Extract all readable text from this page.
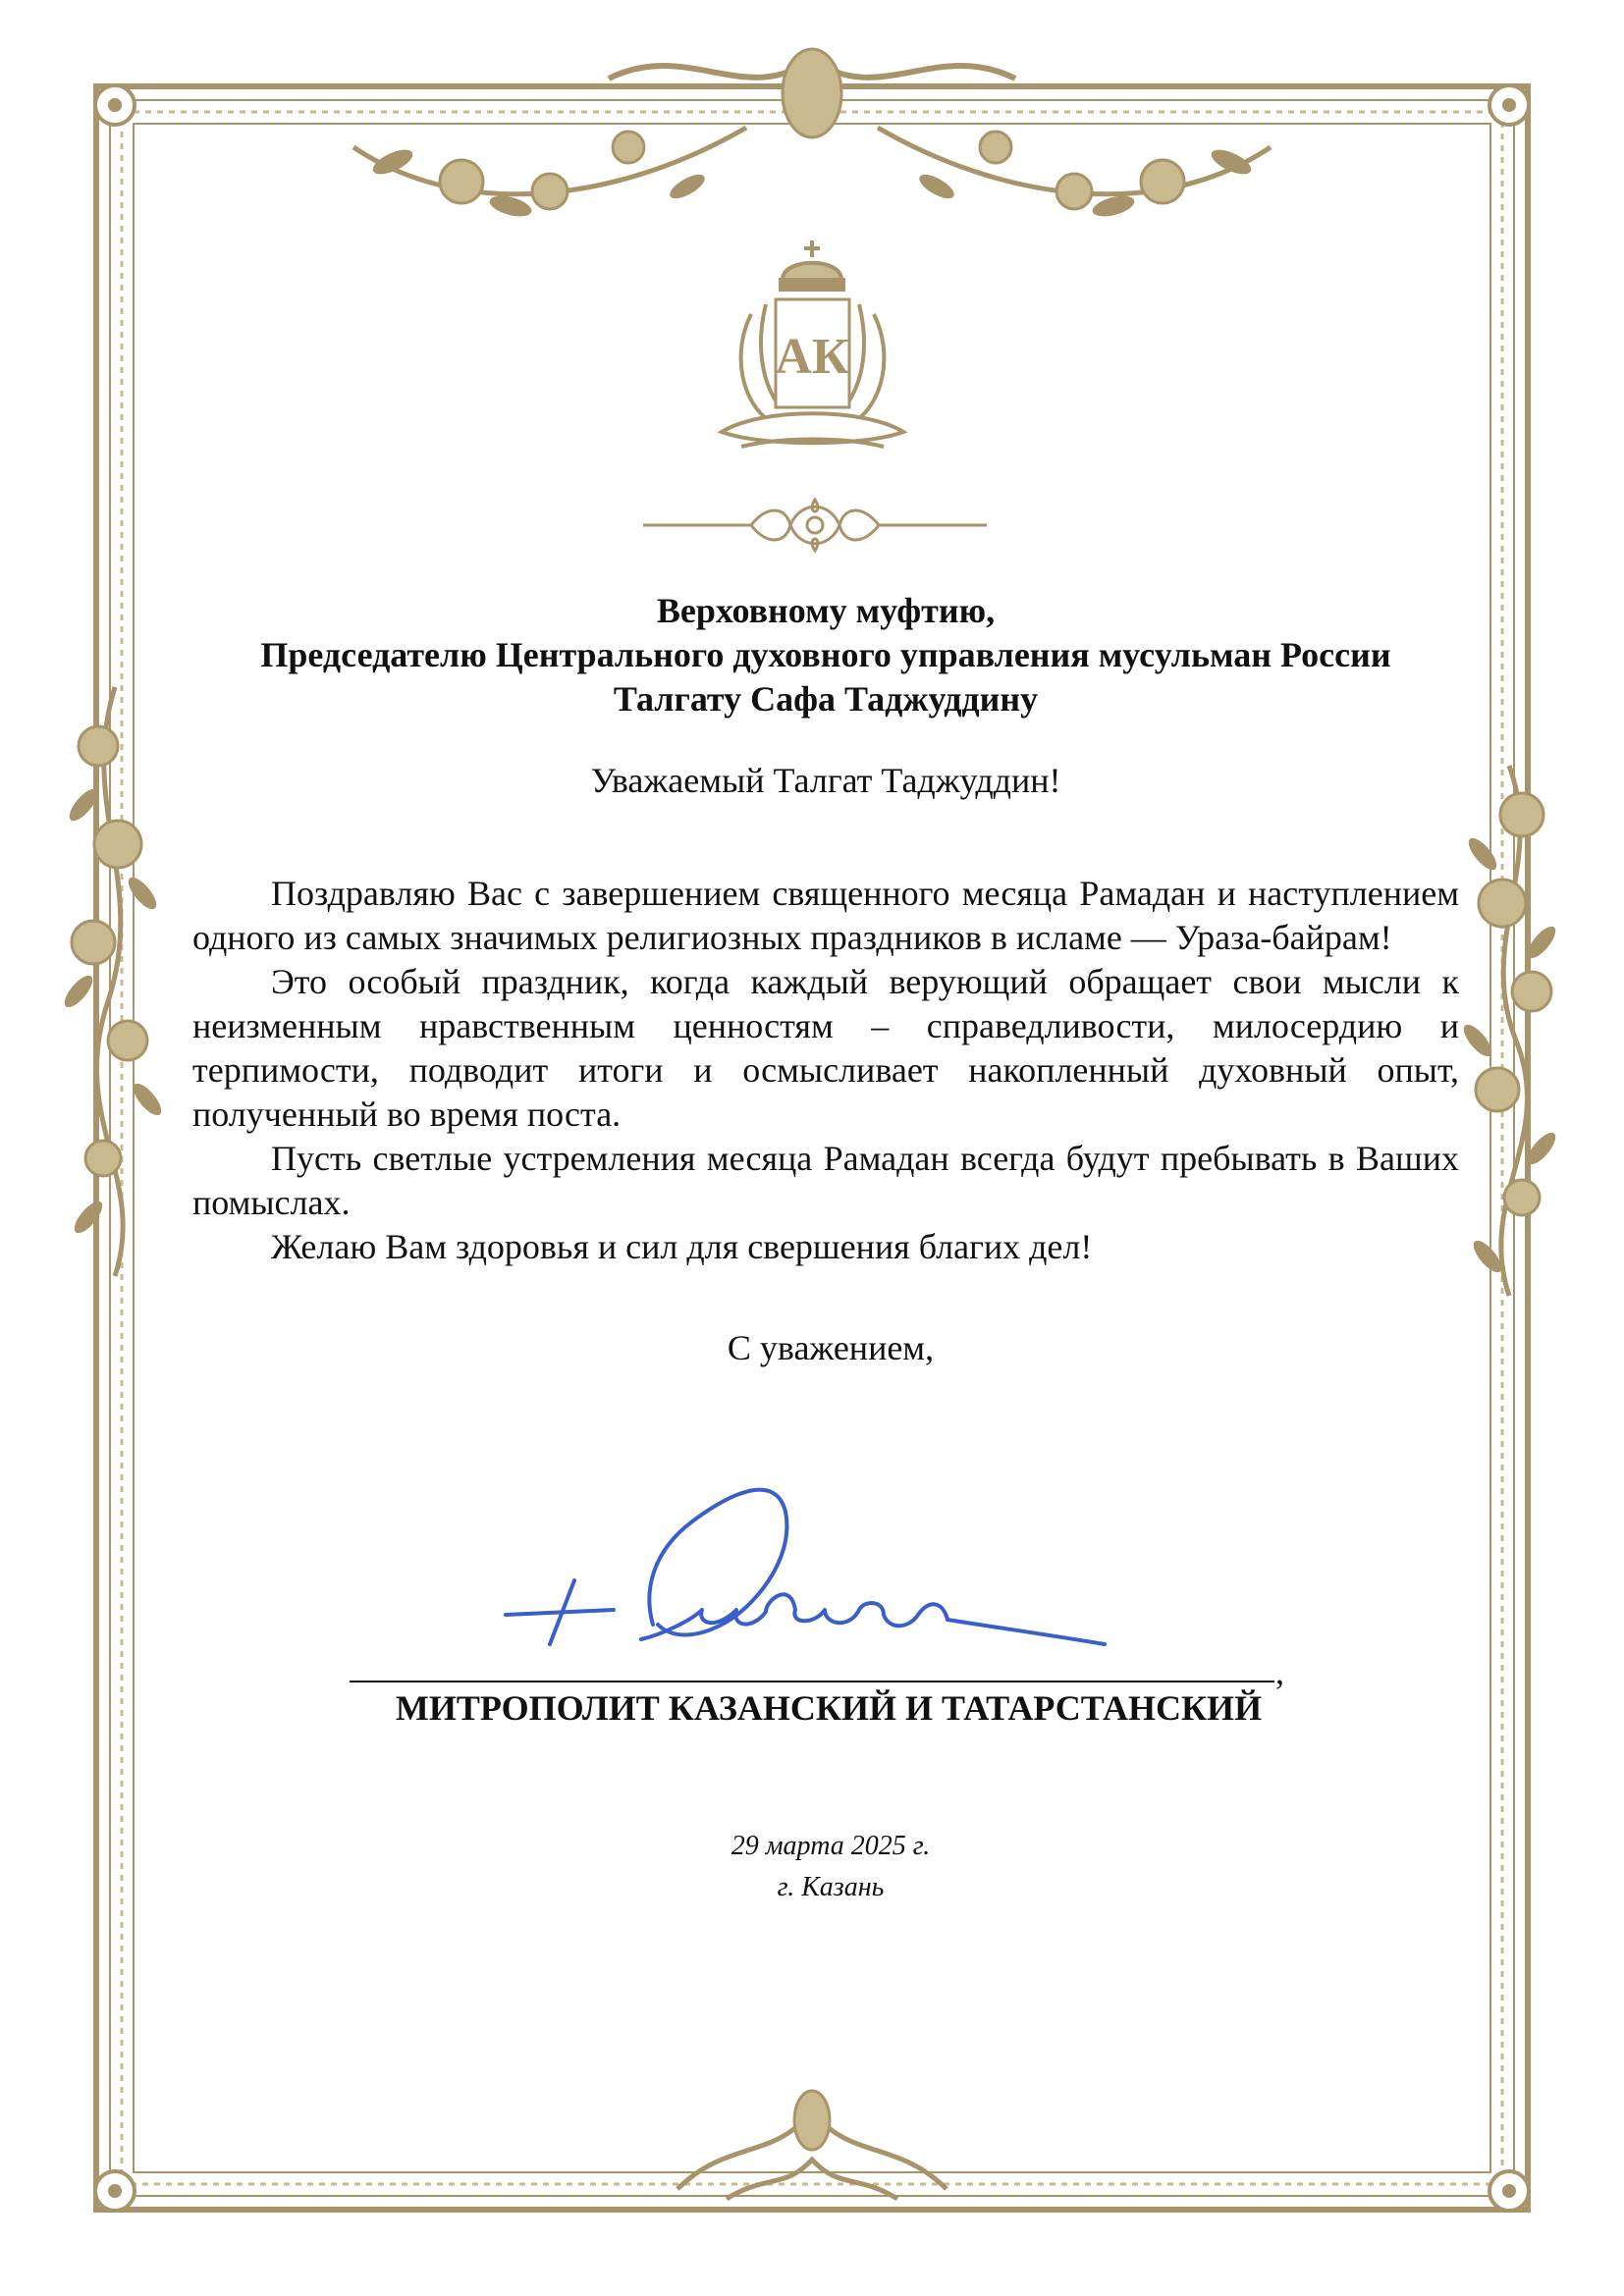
АК
Верховному муфтию,
Председателю Центрального духовного управления мусульман России
Талгату Сафа Таджуддину

Уважаемый Талгат Таджуддин!

Поздравляю Вас с завершением священного месяца Рамадан и наступлением одного из самых значимых религиозных праздников в исламе — Ураза-байрам!

Это особый праздник, когда каждый верующий обращает свои мысли к неизменным нравственным ценностям – справедливости, милосердию и терпимости, подводит итоги и осмысливает накопленный духовный опыт, полученный во время поста.

Пусть светлые устремления месяца Рамадан всегда будут пребывать в Ваших помыслах.

Желаю Вам здоровья и сил для свершения благих дел!

С уважением,

,
МИТРОПОЛИТ КАЗАНСКИЙ И ТАТАРСТАНСКИЙ
29 марта 2025 г.
г. Казань
